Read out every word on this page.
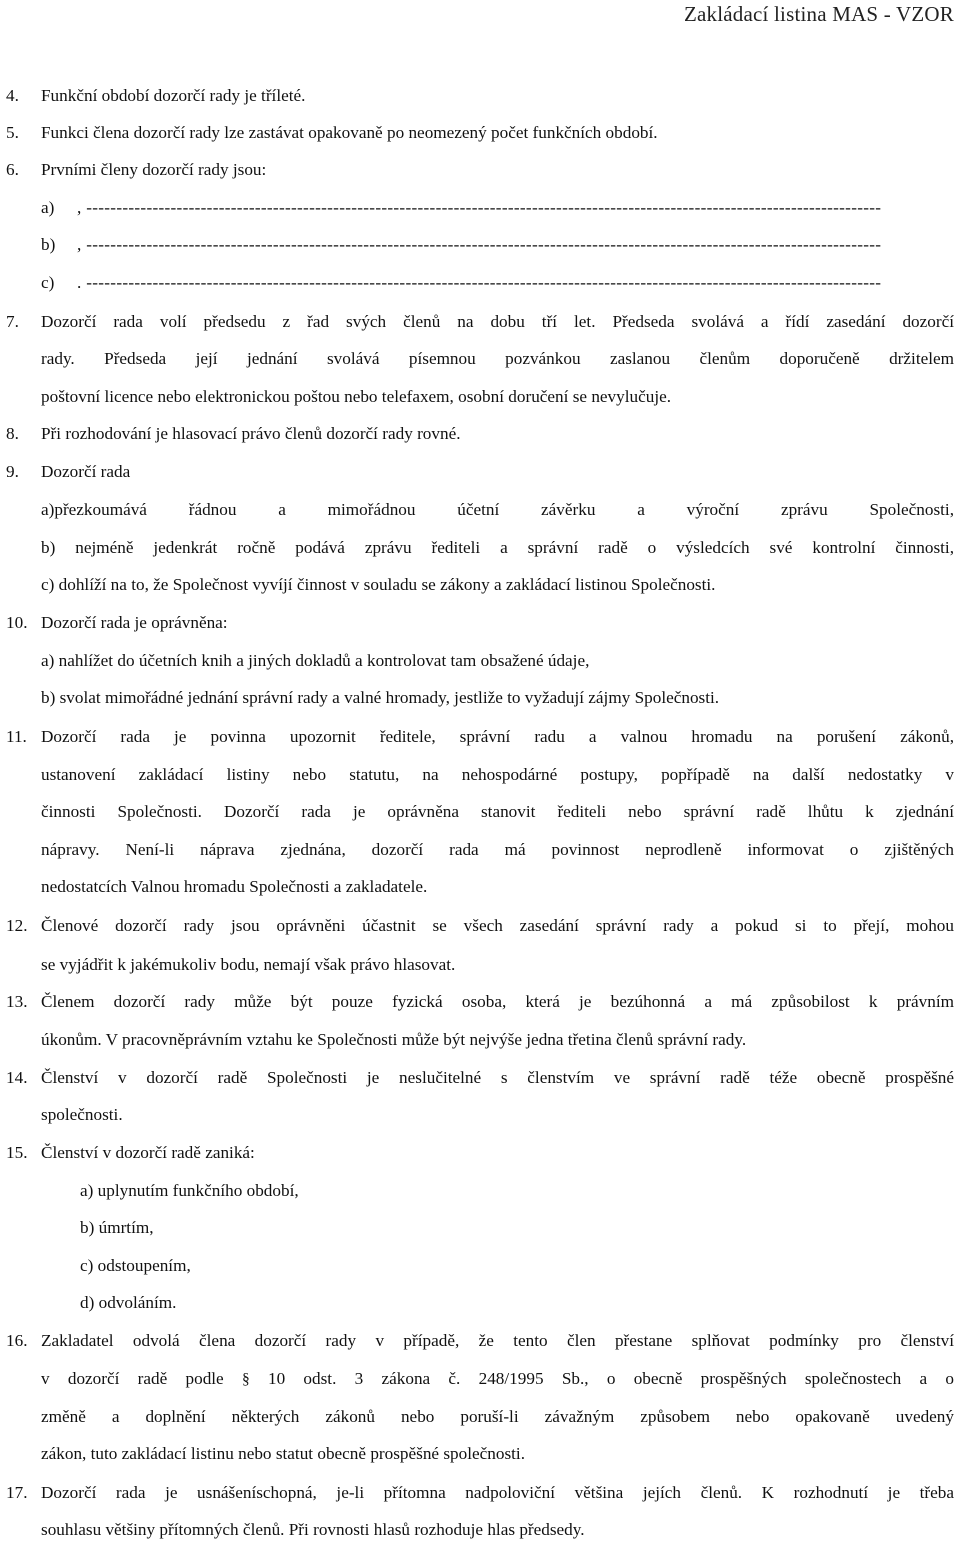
Zakládací listina MAS - VZOR
4. Funkční období dozorčí rady je tříleté.
5. Funkci člena dozorčí rady lze zastávat opakovaně po neomezený počet funkčních období.
6. Prvními členy dozorčí rady jsou:
a) , ------------------------------------------------------------------------------------------------------------------------------------
b) , ------------------------------------------------------------------------------------------------------------------------------------
c) . ------------------------------------------------------------------------------------------------------------------------------------
7. Dozorčí rada volí předsedu z řad svých členů na dobu tří let. Předseda svolává a řídí zasedání dozorčí
rady. Předseda její jednání svolává písemnou pozvánkou zaslanou členům doporučeně držitelem
poštovní licence nebo elektronickou poštou nebo telefaxem, osobní doručení se nevylučuje.
8. Při rozhodování je hlasovací právo členů dozorčí rady rovné.
9. Dozorčí rada
a)přezkoumává řádnou a mimořádnou účetní závěrku a výroční zprávu Společnosti,
b) nejméně jedenkrát ročně podává zprávu řediteli a správní radě o výsledcích své kontrolní činnosti,
c) dohlíží na to, že Společnost vyvíjí činnost v souladu se zákony a zakládací listinou Společnosti.
10. Dozorčí rada je oprávněna:
a) nahlížet do účetních knih a jiných dokladů a kontrolovat tam obsažené údaje,
b) svolat mimořádné jednání správní rady a valné hromady, jestliže to vyžadují zájmy Společnosti.
11. Dozorčí rada je povinna upozornit ředitele, správní radu a valnou hromadu na porušení zákonů,
ustanovení zakládací listiny nebo statutu, na nehospodárné postupy, popřípadě na další nedostatky v
činnosti Společnosti. Dozorčí rada je oprávněna stanovit řediteli nebo správní radě lhůtu k zjednání
nápravy. Není-li náprava zjednána, dozorčí rada má povinnost neprodleně informovat o zjištěných
nedostatcích Valnou hromadu Společnosti a zakladatele.
12. Členové dozorčí rady jsou oprávněni účastnit se všech zasedání správní rady a pokud si to přejí, mohou
se vyjádřit k jakémukoliv bodu, nemají však právo hlasovat.
13. Členem dozorčí rady může být pouze fyzická osoba, která je bezúhonná a má způsobilost k právním
úkonům. V pracovněprávním vztahu ke Společnosti může být nejvýše jedna třetina členů správní rady.
14. Členství v dozorčí radě Společnosti je neslučitelné s členstvím ve správní radě téže obecně prospěšné
společnosti.
15. Členství v dozorčí radě zaniká:
a) uplynutím funkčního období,
b) úmrtím,
c) odstoupením,
d) odvoláním.
16. Zakladatel odvolá člena dozorčí rady v případě, že tento člen přestane splňovat podmínky pro členství
v dozorčí radě podle § 10 odst. 3 zákona č. 248/1995 Sb., o obecně prospěšných společnostech a o
změně a doplnění některých zákonů nebo poruší-li závažným způsobem nebo opakovaně uvedený
zákon, tuto zakládací listinu nebo statut obecně prospěšné společnosti.
17. Dozorčí rada je usnášeníschopná, je-li přítomna nadpoloviční většina jejích členů. K rozhodnutí je třeba
souhlasu většiny přítomných členů. Při rovnosti hlasů rozhoduje hlas předsedy.
